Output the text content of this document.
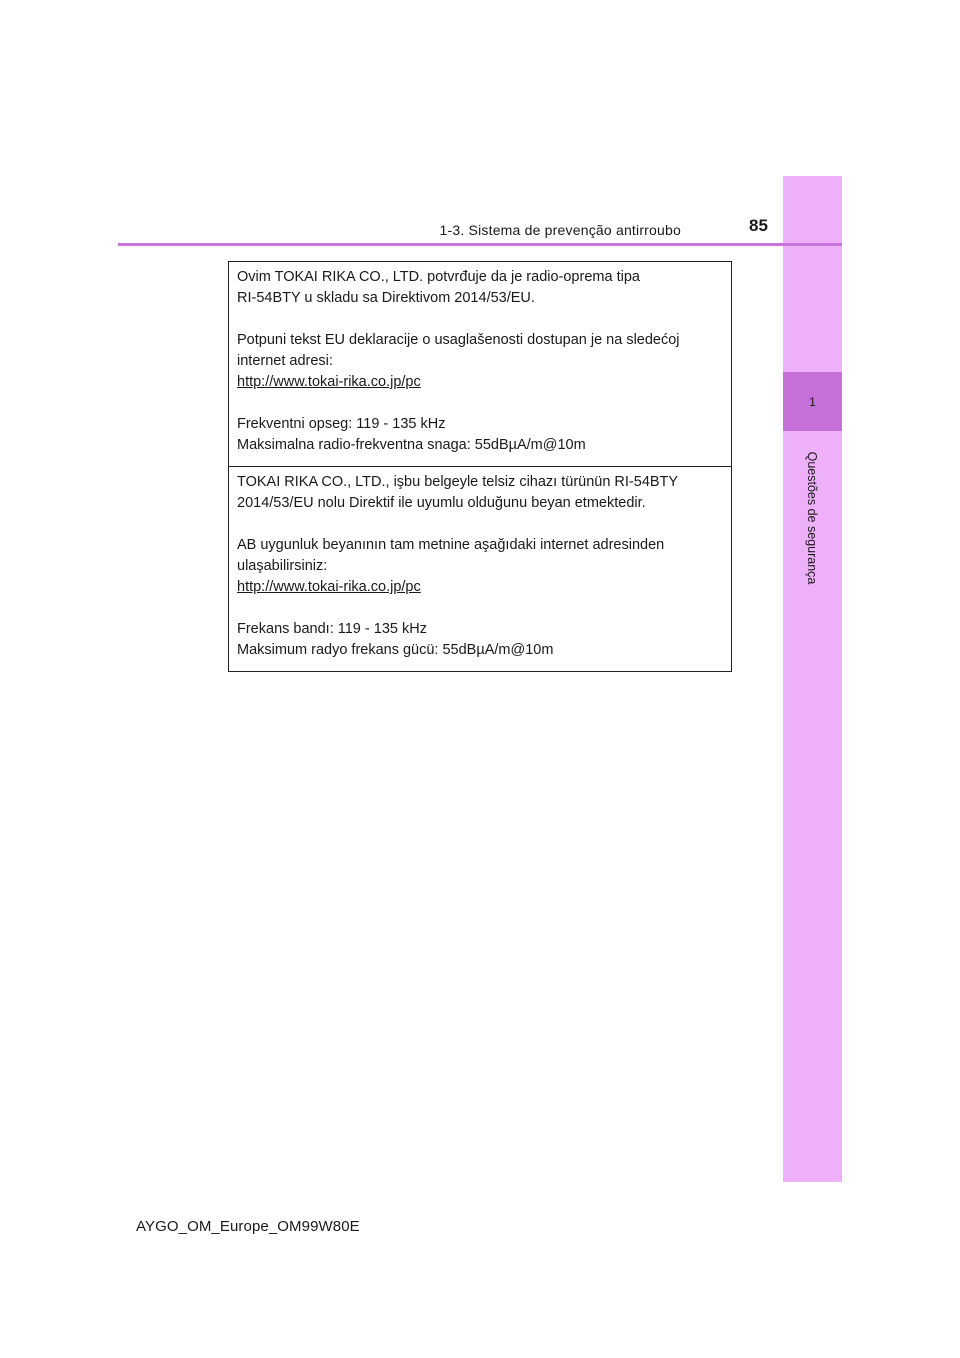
1
Questões de segurança
1-3. Sistema de prevenção antirroubo	85

Ovim TOKAI RIKA CO., LTD. potvrđuje da je radio-oprema tipa

RI-54BTY u skladu sa Direktivom 2014/53/EU.

Potpuni tekst EU deklaracije o usaglašenosti dostupan je na sledećoj

internet adresi:

http://www.tokai-rika.co.jp/pc

Frekventni opseg: 119 - 135 kHz

Maksimalna radio-frekventna snaga: 55dBµA/m@10m

TOKAI RIKA CO., LTD., işbu belgeyle telsiz cihazı türünün RI-54BTY

2014/53/EU nolu Direktif ile uyumlu olduğunu beyan etmektedir.

AB uygunluk beyanının tam metnine aşağıdaki internet adresinden

ulaşabilirsiniz:

http://www.tokai-rika.co.jp/pc

Frekans bandı: 119 - 135 kHz

Maksimum radyo frekans gücü: 55dBµA/m@10m

AYGO_OM_Europe_OM99W80E
